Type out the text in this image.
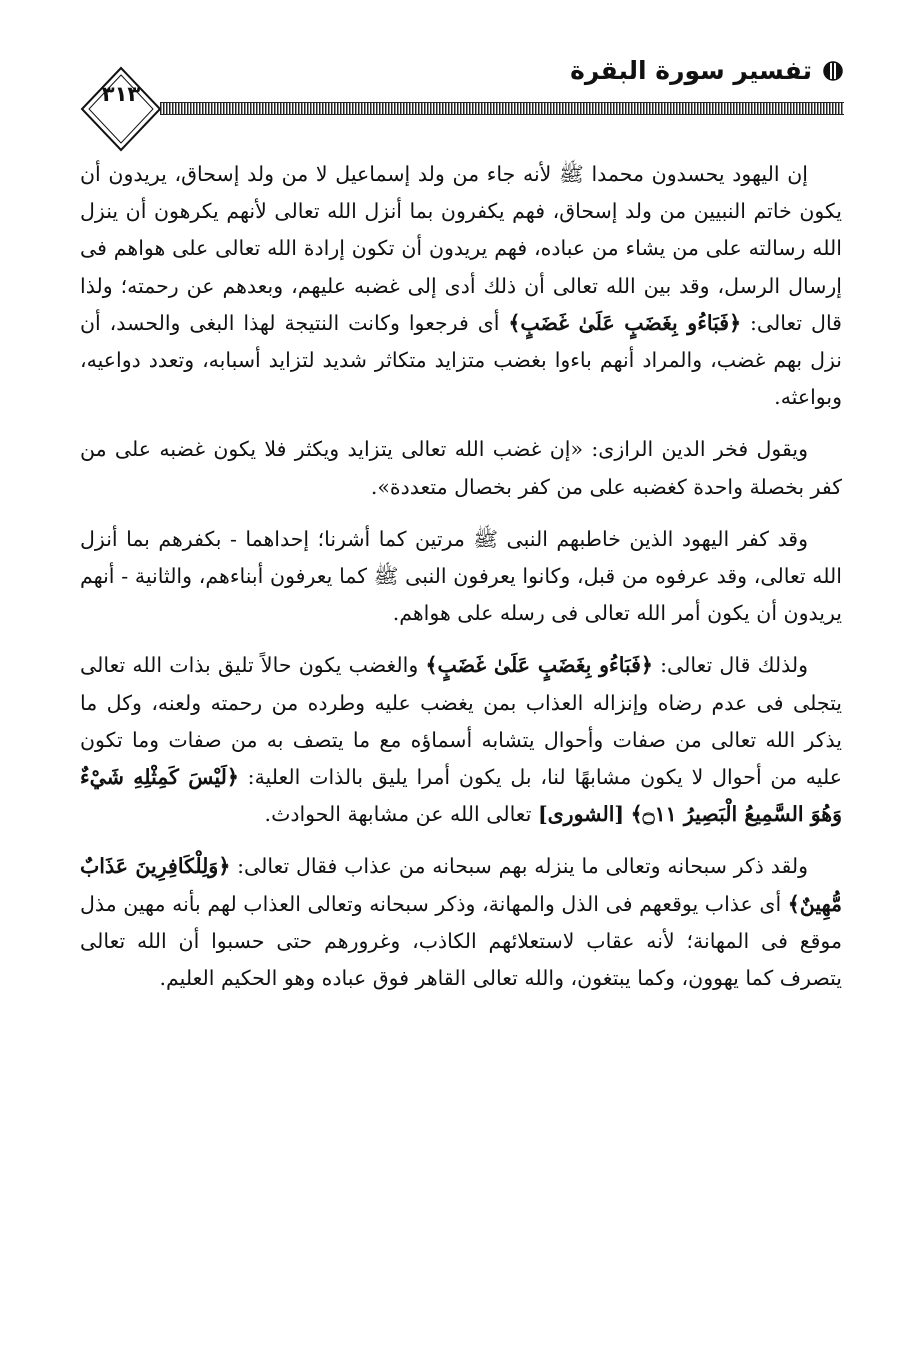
تفسير سورة البقرة
٣١٣

إن اليهود يحسدون محمدا ﷺ لأنه جاء من ولد إسماعيل لا من ولد إسحاق، يريدون أن يكون خاتم النبيين من ولد إسحاق، فهم يكفرون بما أنزل الله تعالى لأنهم يكرهون أن ينزل الله رسالته على من يشاء من عباده، فهم يريدون أن تكون إرادة الله تعالى على هواهم فى إرسال الرسل، وقد بين الله تعالى أن ذلك أدى إلى غضبه عليهم، وبعدهم عن رحمته؛ ولذا قال تعالى: ﴿فَبَاءُو بِغَضَبٍ عَلَىٰ غَضَبٍ﴾ أى فرجعوا وكانت النتيجة لهذا البغى والحسد، أن نزل بهم غضب، والمراد أنهم باءوا بغضب متزايد متكاثر شديد لتزايد أسبابه، وتعدد دواعيه، وبواعثه.

ويقول فخر الدين الرازى: «إن غضب الله تعالى يتزايد ويكثر فلا يكون غضبه على من كفر بخصلة واحدة كغضبه على من كفر بخصال متعددة».

وقد كفر اليهود الذين خاطبهم النبى ﷺ مرتين كما أشرنا؛ إحداهما - بكفرهم بما أنزل الله تعالى، وقد عرفوه من قبل، وكانوا يعرفون النبى ﷺ كما يعرفون أبناءهم، والثانية - أنهم يريدون أن يكون أمر الله تعالى فى رسله على هواهم.

ولذلك قال تعالى: ﴿فَبَاءُو بِغَضَبٍ عَلَىٰ غَضَبٍ﴾ والغضب يكون حالاً تليق بذات الله تعالى يتجلى فى عدم رضاه وإنزاله العذاب بمن يغضب عليه وطرده من رحمته ولعنه، وكل ما يذكر الله تعالى من صفات وأحوال يتشابه أسماؤه مع ما يتصف به من صفات وما تكون عليه من أحوال لا يكون مشابهًا لنا، بل يكون أمرا يليق بالذات العلية: ﴿لَيْسَ كَمِثْلِهِ شَيْءٌ وَهُوَ السَّمِيعُ الْبَصِيرُ ۝١١﴾ [الشورى] تعالى الله عن مشابهة الحوادث.

ولقد ذكر سبحانه وتعالى ما ينزله بهم سبحانه من عذاب فقال تعالى: ﴿وَلِلْكَافِرِينَ عَذَابٌ مُّهِينٌ﴾ أى عذاب يوقعهم فى الذل والمهانة، وذكر سبحانه وتعالى العذاب لهم بأنه مهين مذل موقع فى المهانة؛ لأنه عقاب لاستعلائهم الكاذب، وغرورهم حتى حسبوا أن الله تعالى يتصرف كما يهوون، وكما يبتغون، والله تعالى القاهر فوق عباده وهو الحكيم العليم.
